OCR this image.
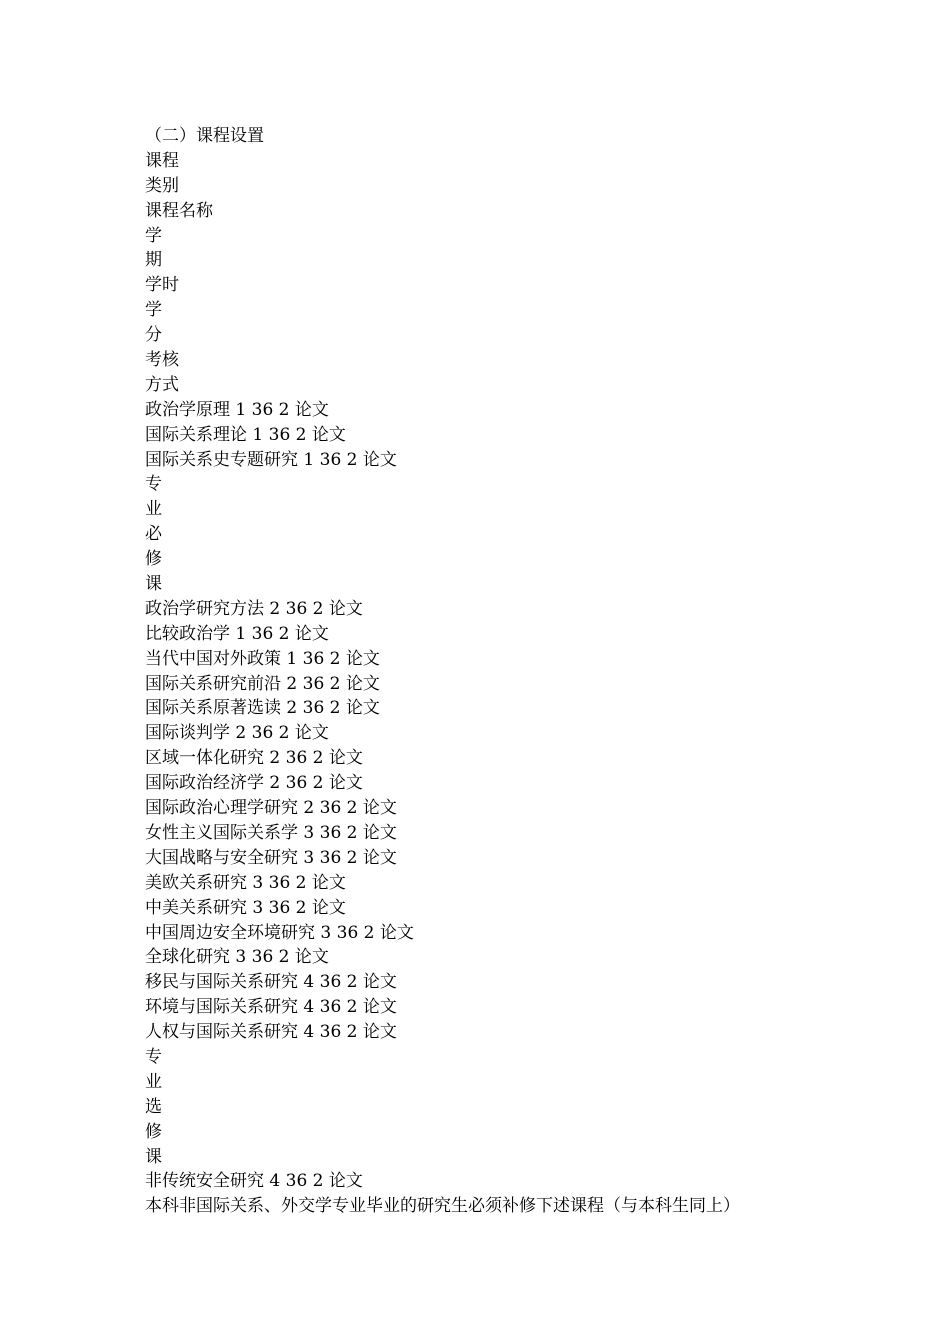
（二）课程设置
课程
类别
课程名称
学
期
学时
学
分
考核
方式
政治学原理 1 36 2 论文
国际关系理论 1 36 2 论文
国际关系史专题研究 1 36 2 论文
专
业
必
修
课
政治学研究方法 2 36 2 论文
比较政治学 1 36 2 论文
当代中国对外政策 1 36 2 论文
国际关系研究前沿 2 36 2 论文
国际关系原著选读 2 36 2 论文
国际谈判学 2 36 2 论文
区域一体化研究 2 36 2 论文
国际政治经济学 2 36 2 论文
国际政治心理学研究 2 36 2 论文
女性主义国际关系学 3 36 2 论文
大国战略与安全研究 3 36 2 论文
美欧关系研究 3 36 2 论文
中美关系研究 3 36 2 论文
中国周边安全环境研究 3 36 2 论文
全球化研究 3 36 2 论文
移民与国际关系研究 4 36 2 论文
环境与国际关系研究 4 36 2 论文
人权与国际关系研究 4 36 2 论文
专
业
选
修
课
非传统安全研究 4 36 2 论文
本科非国际关系、外交学专业毕业的研究生必须补修下述课程（与本科生同上）
